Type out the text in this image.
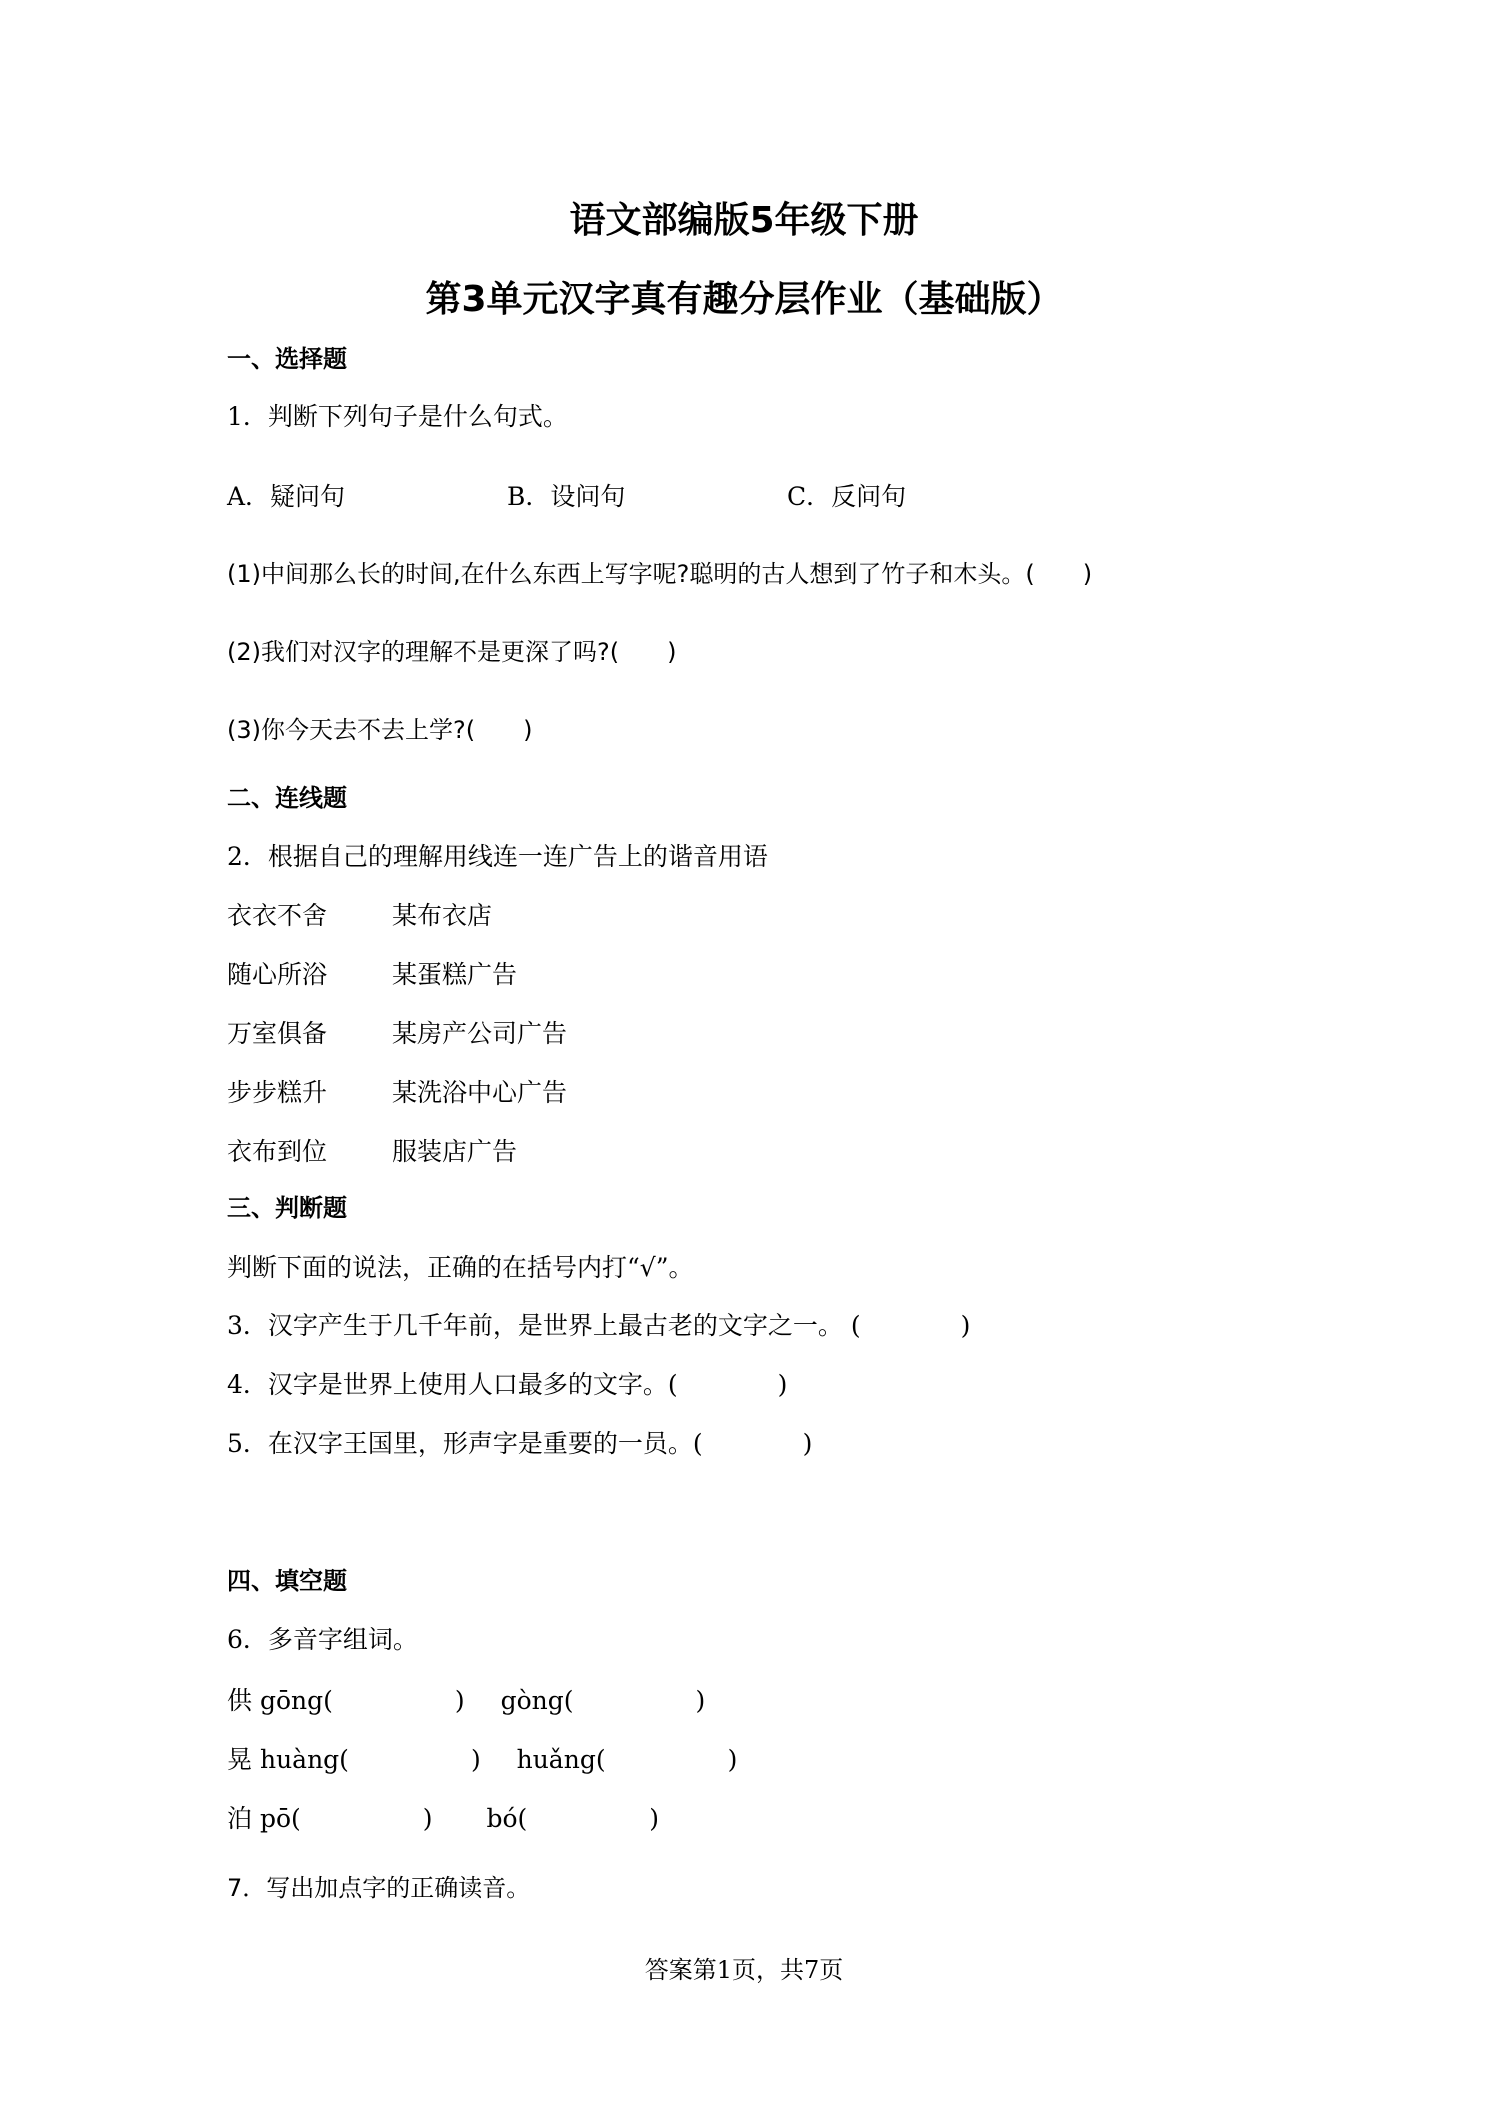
语文部编版5年级下册
第3单元汉字真有趣分层作业（基础版）
一、选择题
1．判断下列句子是什么句式。
A．疑问句	B．设问句	C．反问句
(1)中间那么长的时间,在什么东西上写字呢?聪明的古人想到了竹子和木头。(　　)
(2)我们对汉字的理解不是更深了吗?(　　)
(3)你今天去不去上学?(　　)
二、连线题
2．根据自己的理解用线连一连广告上的谐音用语
衣衣不舍	某布衣店
随心所浴	某蛋糕广告
万室俱备	某房产公司广告
步步糕升	某洗浴中心广告
衣布到位	服装店广告
三、判断题
判断下面的说法，正确的在括号内打“√”。
3．汉字产生于几千年前，是世界上最古老的文字之一。 (　　　　)
4．汉字是世界上使用人口最多的文字。(　　　　)
5．在汉字王国里，形声字是重要的一员。(　　　　)
四、填空题
6．多音字组词。
供 gōng(	) gòng(	)
晃 huàng(	) huǎng(	)
泊 pō(	) bó(	)
7．写出加点字的正确读音。
答案第1页，共7页
